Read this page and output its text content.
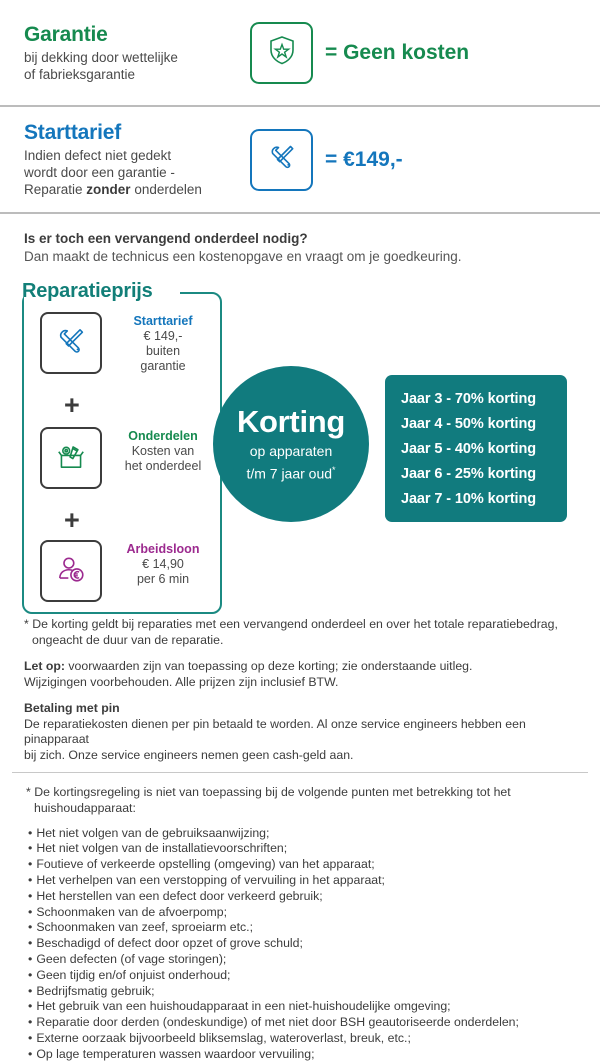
Garantie
bij dekking door wettelijke
of fabrieksgarantie
= Geen kosten
Starttarief
Indien defect niet gedekt
wordt door een garantie -
Reparatie zonder onderdelen
= €149,-
Is er toch een vervangend onderdeel nodig?
Dan maakt de technicus een kostenopgave en vraagt om je goedkeuring.
Reparatieprijs
Starttarief
€ 149,-
buiten
garantie
+
Onderdelen
Kosten van
het onderdeel
+
Arbeidsloon
€ 14,90
per 6 min
Korting
op apparaten
t/m 7 jaar oud*
Jaar 3 - 70% korting
Jaar 4 - 50% korting
Jaar 5 - 40% korting
Jaar 6 - 25% korting
Jaar 7 - 10% korting
* De korting geldt bij reparaties met een vervangend onderdeel en over het totale reparatiebedrag,
ongeacht de duur van de reparatie.
Let op: voorwaarden zijn van toepassing op deze korting; zie onderstaande uitleg.
Wijzigingen voorbehouden. Alle prijzen zijn inclusief BTW.
Betaling met pin
De reparatiekosten dienen per pin betaald te worden. Al onze service engineers hebben een pinapparaat
bij zich. Onze service engineers nemen geen cash-geld aan.
* De kortingsregeling is niet van toepassing bij de volgende punten met betrekking tot het
huishoudapparaat:
• Het niet volgen van de gebruiksaanwijzing;
• Het niet volgen van de installatievoorschriften;
• Foutieve of verkeerde opstelling (omgeving) van het apparaat;
• Het verhelpen van een verstopping of vervuiling in het apparaat;
• Het herstellen van een defect door verkeerd gebruik;
• Schoonmaken van de afvoerpomp;
• Schoonmaken van zeef, sproeiarm etc.;
• Beschadigd of defect door opzet of grove schuld;
• Geen defecten (of vage storingen);
• Geen tijdig en/of onjuist onderhoud;
• Bedrijfsmatig gebruik;
• Het gebruik van een huishoudapparaat in een niet-huishoudelijke omgeving;
• Reparatie door derden (ondeskundige) of met niet door BSH geautoriseerde onderdelen;
• Externe oorzaak bijvoorbeeld bliksemslag, wateroverlast, breuk, etc.;
• Op lage temperaturen wassen waardoor vervuiling;
